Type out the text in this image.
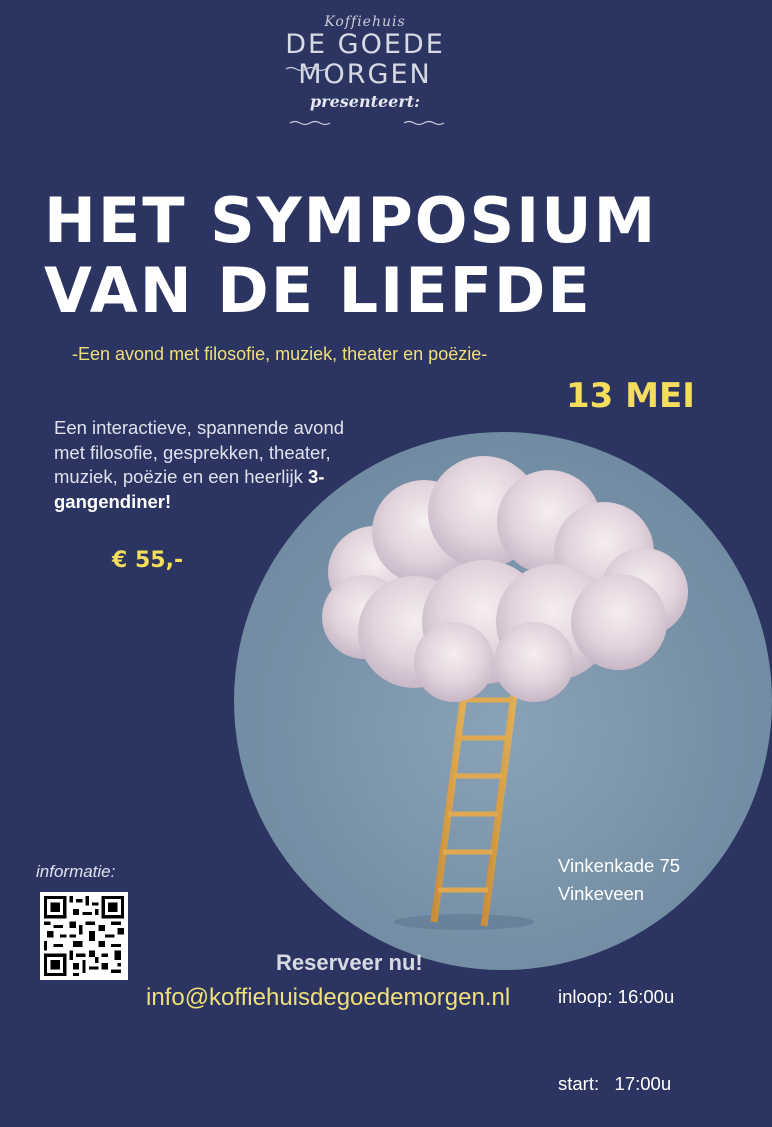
Koffiehuis
DE GOEDE
MORGEN
presenteert:
HET SYMPOSIUM
VAN DE LIEFDE
-Een avond met filosofie, muziek, theater en poëzie-
13 MEI
Een interactieve, spannende avond met filosofie, gesprekken, theater, muziek, poëzie en een heerlijk 3-gangendiner!
€ 55,-
informatie:	Vinkenkade 75
Vinkeveen

inloop: 16:00u

start:   17:00u

Reserveer nu!
info@koffiehuisdegoedemorgen.nl
